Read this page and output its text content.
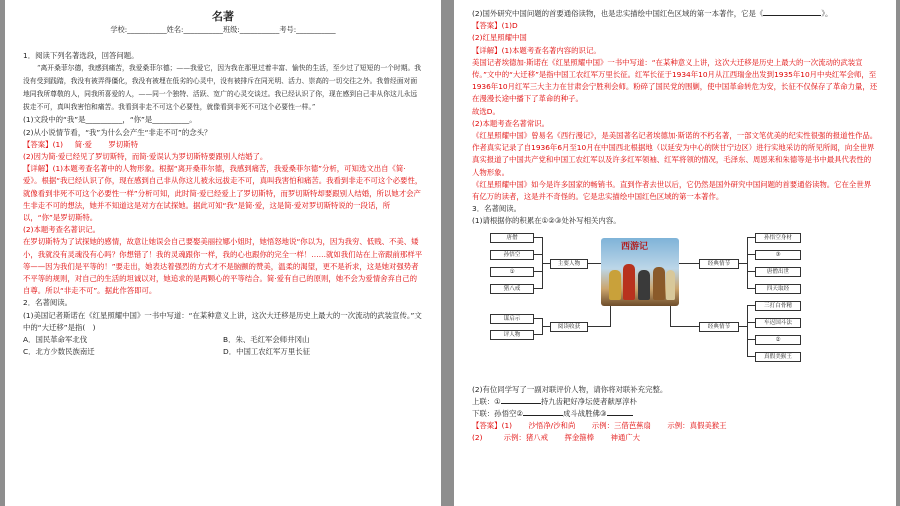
名著
学校:___________姓名:___________班级:___________考号:___________

1．阅读下列名著选段，回答问题。

“离开桑菲尔德，我感到痛苦，我爱桑菲尔德；——我爱它，因为我在那里过着丰富、愉快的生活，至少过了短短的一个时期。我没有受到践踏，我没有被弄得僵化，我没有被埋在低劣的心灵中，没有被排斥在同光明、活力、崇高的一切交往之外。我曾经面对面地同我所尊敬的人，同我所喜爱的人，——同一个独特、活跃、宽广的心灵交谈过。我已经认识了你，现在感到自己非从你这儿永远拔走不可，真叫我害怕和痛苦。我看到非走不可这个必要性，就像看到非死不可这个必要性一样。”

(1)文段中的“我”是__________，“你”是__________。

(2)从小说情节看，“我”为什么会产生“非走不可”的念头？

【答案】(1) 简·爱 罗切斯特

(2)因为简·爱已经见了罗切斯特，而简·爱误认为罗切斯特要跟别人结婚了。

【详解】(1)本题考查名著中的人物形象。根据“离开桑菲尔德，我感到痛苦，我爱桑菲尔德”分析，可知选文出自《简·爱》。根据“我已经认识了你，现在感到自己非从你这儿被永远拔走不可，真叫我害怕和痛苦。我看到非走不可这个必要性，就像看到非死不可这个必要性一样”分析可知，此时简·爱已经爱上了罗切斯特，而罗切斯特却要跟别人结婚，所以她才会产生非走不可的想法，她并不知道这是对方在试探她。据此可知“我”是简·爱，这是简·爱对罗切斯特说的一段话，所以，“你”是罗切斯特。

(2)本题考查名著识记。

在罗切斯特为了试探她的感情，故意让她误会自己要娶美丽拉娜小姐时，她悟怒地说“你以为，因为我穷、低贱、不美、矮小，我就没有灵魂没有心吗？你想错了！我的灵魂跟你一样，我的心也跟你的完全一样！……就如我们站在上帝跟前那样平等——因为我们是平等的！”要走出，她表达着强烈的方式才不是脑颤的赞美，温柔的渴望，更不是祈求，这是她对强势者不平等的规则，对自己的生活的坦诚以对，她追求的是两颗心的平等结合。简·爱有自己的原则，她不会为爱情舍弃自己的自尊。所以“非走不可”。据此作答即可。

2．名著阅读。

(1)美国记者斯诺在《红星照耀中国》一书中写道：“在某种意义上讲，这次大迁移是历史上最大的一次流动的武装宣传。”文中的“大迁移”是指(　)

A．国民革命军北伐	B．朱、毛红军会师井冈山
C．北方少数民族南迁	D．中国工农红军万里长征

(2)国外研究中国问题的首要通俗读物，也是忠实描绘中国红色区域的第一本著作，它是《	》。

【答案】(1)D

(2)红星照耀中国

【详解】(1)本题考查名著内容的识记。

美国记者埃德加·斯诺在《红星照耀中国》一书中写道：“在某种意义上讲，这次大迁移是历史上最大的一次流动的武装宣传。”文中的“大迁移”是指中国工农红军万里长征。红军长征于1934年10月从江西瑞金出发到1935年10月中央红军会师，至1936年10月红军三大主力在甘肃会宁胜利会师。粉碎了国民党的围剿，使中国革命转危为安，长征不仅保存了革命力量，还在漫漫长途中播下了革命的种子。

故选D。

(2)本题考查名著常识。

《红星照耀中国》曾易名《西行漫记》，是美国著名记者埃德加·斯诺的不朽名著，一部文笔优美的纪实性很强的报道性作品。作者真实记录了自1936年6月至10月在中国西北根据地（以延安为中心的陕甘宁边区）进行实地采访的所见所闻，向全世界真实报道了中国共产党和中国工农红军以及许多红军领袖、红军将领的情况，毛泽东、周恩来和朱德等是书中最具代表性的人物形象。

《红星照耀中国》如今是许多国家的畅销书。直到作者去世以后，它仍然是国外研究中国问题的首要通俗读物。它在全世界有亿万的读者，这是并不奇怪的。它是忠实描绘中国红色区域的第一本著作。

3．名著阅读。

(1)请根据你的积累在①②③处补写相关内容。

唐僧
孙悟空
①
猪八戒
谋启示
评人物
主要人物
阅读收获
西游记
经典情节
经典情节
孙悟空身材
③
唐僧出世
四天取经
三打白骨精
车迟国斗法
②
真假美猴王

(2)有位同学写了一副对联评价人物，请你将对联补充完整。

上联：①	持九齿耙好净坛使者献厚淳朴

下联：孙悟空②	成斗战胜佛③

【答案】(1) 沙悟净/沙和尚 示例：三借芭蕉扇 示例：真假美猴王

(2)	示例：猪八戒 挥金箍棒 神通广大
